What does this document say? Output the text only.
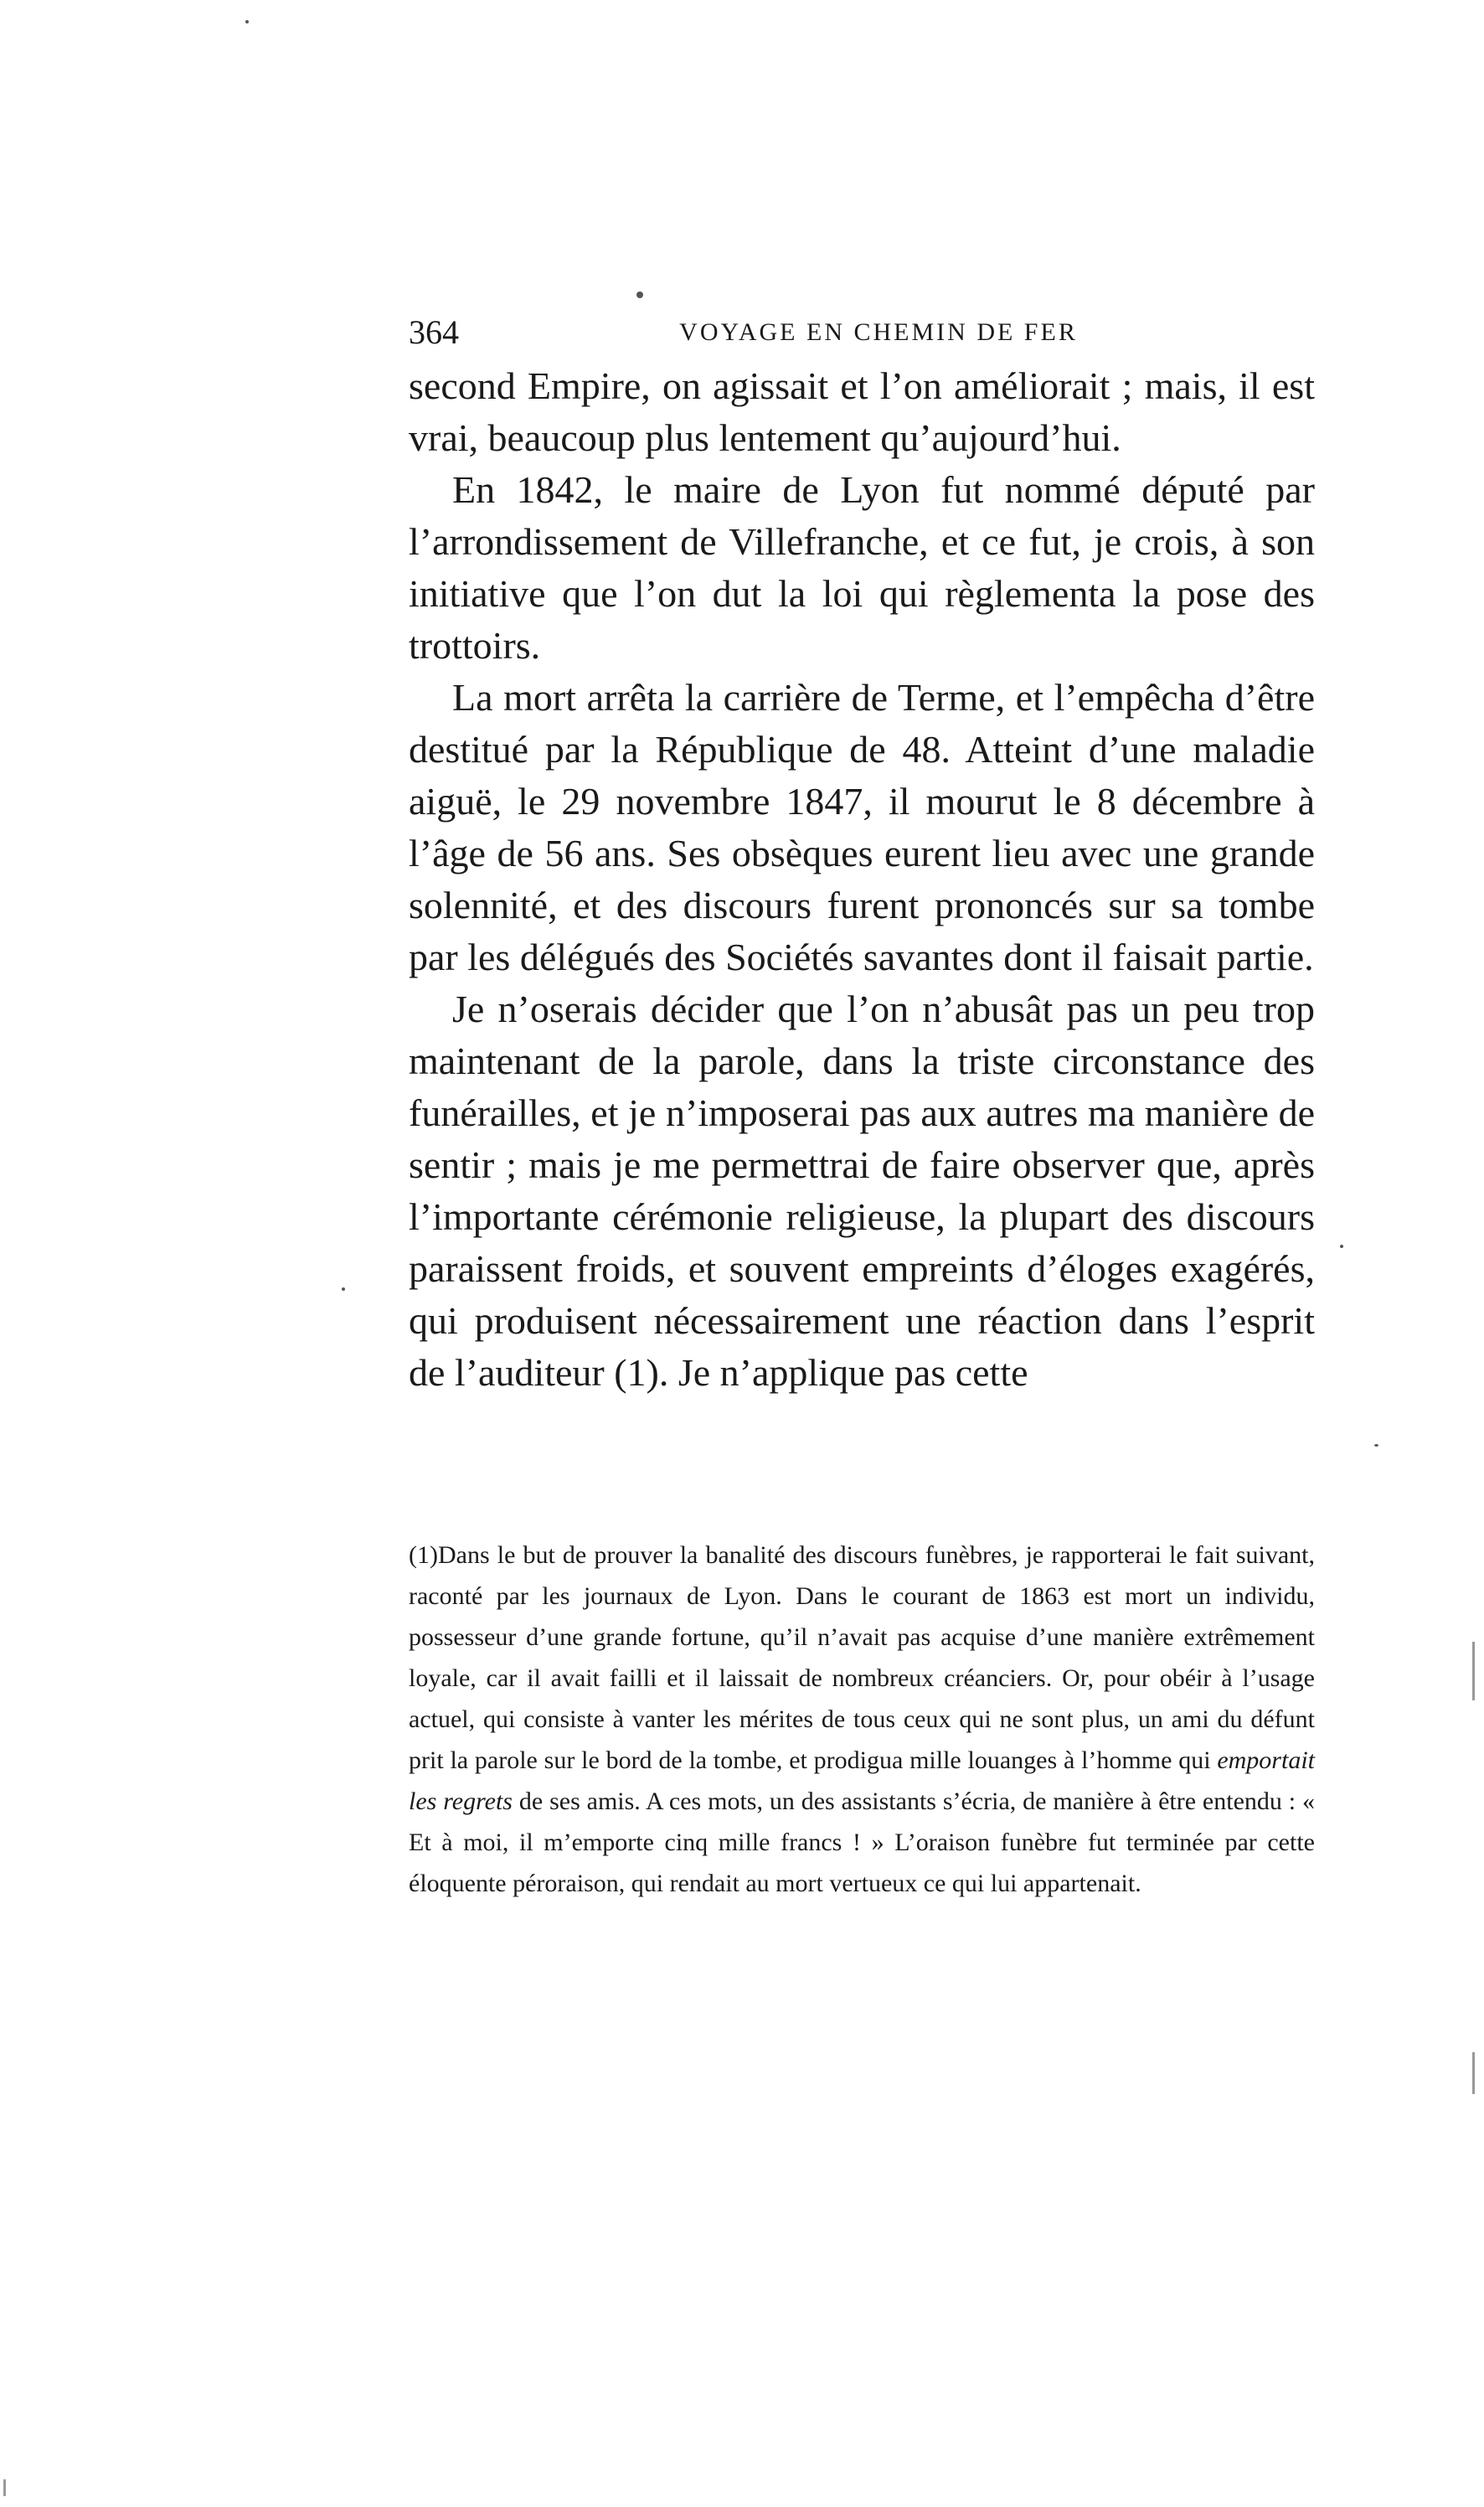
364	VOYAGE EN CHEMIN DE FER

second Empire, on agissait et l’on améliorait ; mais, il est vrai, beaucoup plus lentement qu’aujourd’hui.

En 1842, le maire de Lyon fut nommé député par l’arrondissement de Villefranche, et ce fut, je crois, à son initiative que l’on dut la loi qui règlementa la pose des trottoirs.

La mort arrêta la carrière de Terme, et l’empêcha d’être destitué par la République de 48. Atteint d’une maladie aiguë, le 29 novembre 1847, il mourut le 8 décembre à l’âge de 56 ans. Ses obsèques eurent lieu avec une grande solennité, et des discours furent prononcés sur sa tombe par les délégués des Sociétés savantes dont il faisait partie.

Je n’oserais décider que l’on n’abusât pas un peu trop maintenant de la parole, dans la triste circonstance des funérailles, et je n’imposerai pas aux autres ma manière de sentir ; mais je me permettrai de faire observer que, après l’importante cérémonie religieuse, la plupart des discours paraissent froids, et souvent empreints d’éloges exagérés, qui produisent nécessairement une réaction dans l’esprit de l’auditeur (1). Je n’applique pas cette

(1)Dans le but de prouver la banalité des discours funèbres, je rapporterai le fait suivant, raconté par les journaux de Lyon. Dans le courant de 1863 est mort un individu, possesseur d’une grande fortune, qu’il n’avait pas acquise d’une manière extrêmement loyale, car il avait failli et il laissait de nombreux créanciers. Or, pour obéir à l’usage actuel, qui consiste à vanter les mérites de tous ceux qui ne sont plus, un ami du défunt prit la parole sur le bord de la tombe, et prodigua mille louanges à l’homme qui emportait les regrets de ses amis. A ces mots, un des assistants s’écria, de manière à être entendu : « Et à moi, il m’emporte cinq mille francs ! » L’oraison funèbre fut terminée par cette éloquente péroraison, qui rendait au mort vertueux ce qui lui appartenait.
